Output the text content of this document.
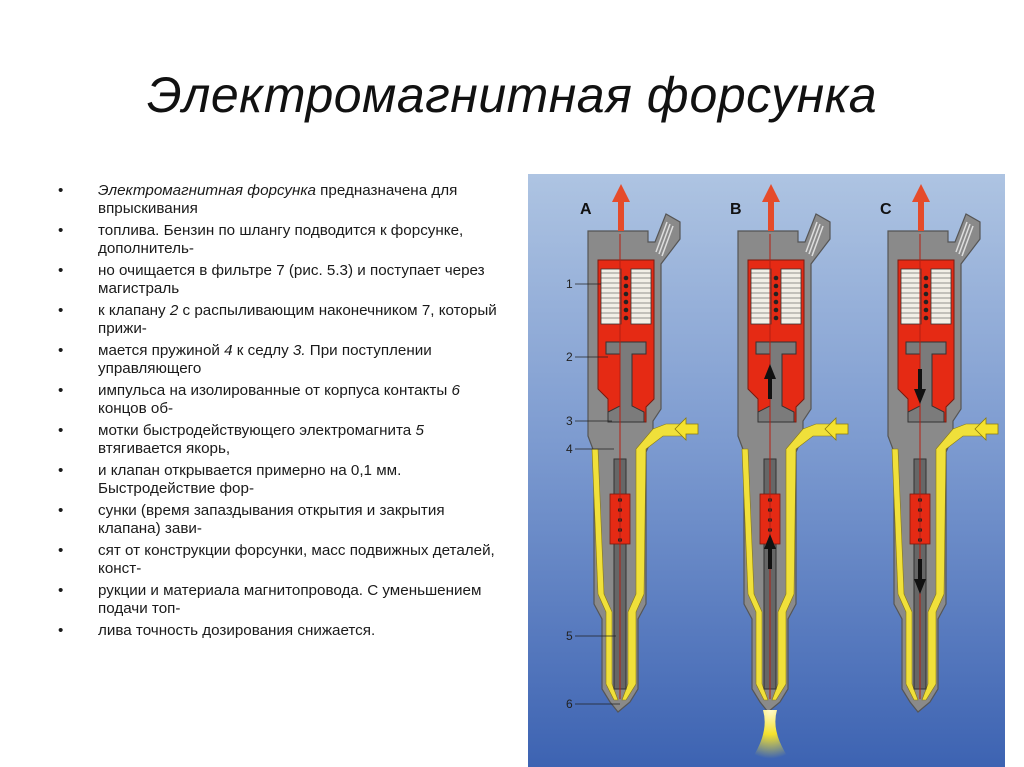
Электромагнитная форсунка
• Электромагнитная форсунка предназначена для впрыскивания

• топлива. Бензин по шлангу подводится к форсунке, дополнитель-
• но очищается в фильтре 7 (рис. 5.3) и поступает через магистраль
• к клапану 2 с распыливающим наконечником 7, который прижи-
• мается пружиной 4 к седлу 3. При поступлении управляющего
• импульса на изолированные от корпуса контакты 6 концов об-
• мотки быстродействующего электромагнита 5 втягивается якорь,
• и клапан открывается примерно на 0,1 мм. Быстродействие фор-
• сунки (время запаздывания открытия и закрытия клапана) зави-
• сят от конструкции форсунки, масс подвижных деталей, конст-
• рукции и материала магнитопровода. С уменьшением подачи топ-
• лива точность дозирования снижается.
A	B	C
1
2
3
4
5
6
